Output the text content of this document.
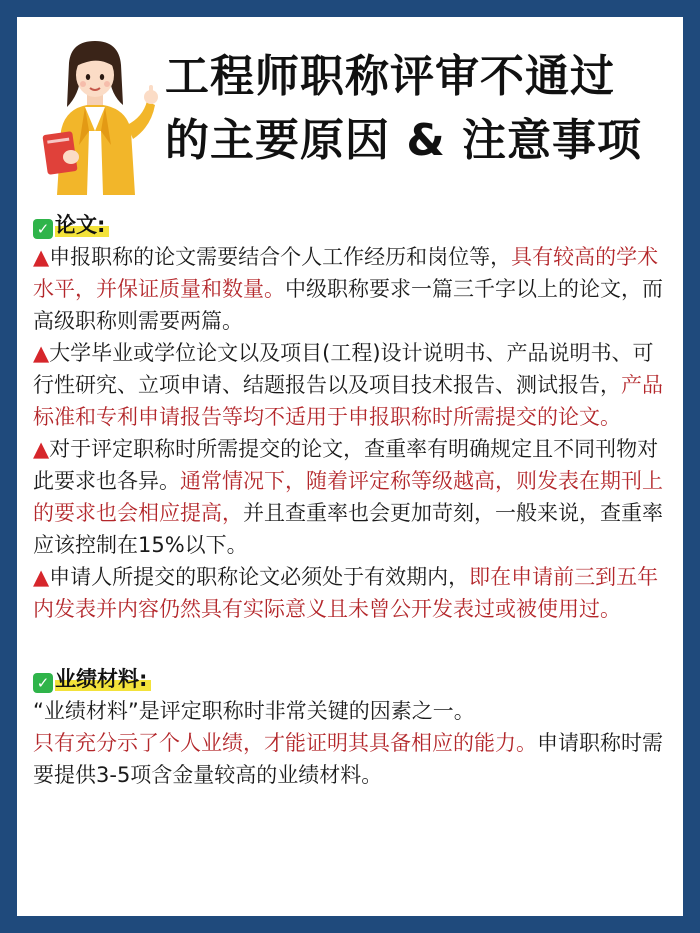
工程师职称评审不通过
的主要原因 & 注意事项
✓ 论文:

▲申报职称的论文需要结合个人工作经历和岗位等，具有较高的学术水平，并保证质量和数量。中级职称要求一篇三千字以上的论文，而高级职称则需要两篇。

▲大学毕业或学位论文以及项目(工程)设计说明书、产品说明书、可行性研究、立项申请、结题报告以及项目技术报告、测试报告，产品标准和专利申请报告等均不适用于申报职称时所需提交的论文。

▲对于评定职称时所需提交的论文，查重率有明确规定且不同刊物对此要求也各异。通常情况下，随着评定称等级越高，则发表在期刊上的要求也会相应提高，并且查重率也会更加苛刻，一般来说，查重率应该控制在15%以下。

▲申请人所提交的职称论文必须处于有效期内，即在申请前三到五年内发表并内容仍然具有实际意义且未曾公开发表过或被使用过。

✓ 业绩材料:

“业绩材料”是评定职称时非常关键的因素之一。

只有充分示了个人业绩，才能证明其具备相应的能力。申请职称时需要提供3-5项含金量较高的业绩材料。
